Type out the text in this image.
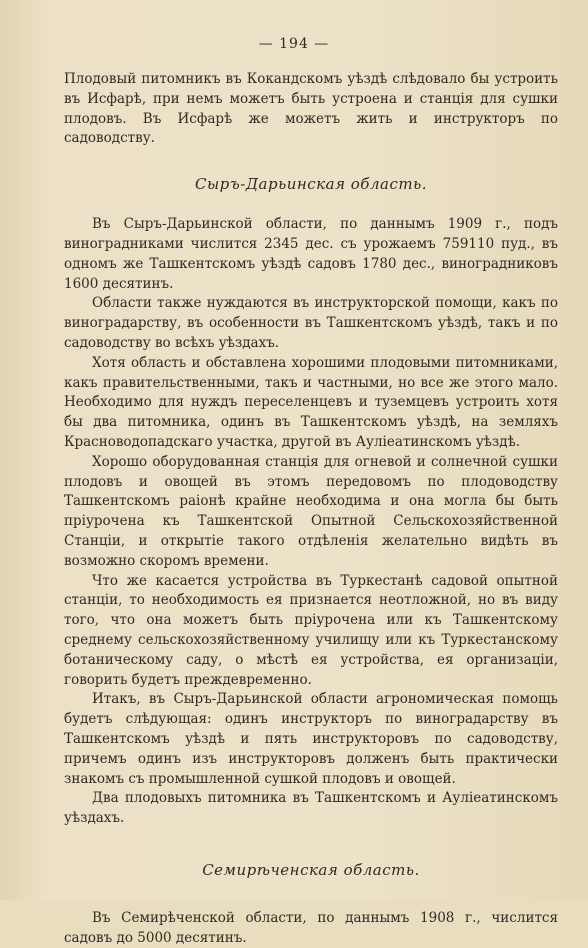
— 194 —

Плодовый питомникъ въ Кокандскомъ уѣздѣ слѣдовало бы устроить въ Исфарѣ, при немъ можетъ быть устроена и станція для сушки плодовъ. Въ Исфарѣ же можетъ жить и инструкторъ по садоводству.

Сыръ-Дарьинская область.

Въ Сыръ-Дарьинской области, по даннымъ 1909 г., подъ виноградниками числится 2345 дес. съ урожаемъ 759110 пуд., въ одномъ же Ташкентскомъ уѣздѣ садовъ 1780 дес., виноградниковъ 1600 десятинъ.

Области также нуждаются въ инструкторской помощи, какъ по виноградарству, въ особенности въ Ташкентскомъ уѣздѣ, такъ и по садоводству во всѣхъ уѣздахъ.

Хотя область и обставлена хорошими плодовыми питомниками, какъ правительственными, такъ и частными, но все же этого мало. Необходимо для нуждъ переселенцевъ и туземцевъ устроить хотя бы два питомника, одинъ въ Ташкентскомъ уѣздѣ, на земляхъ Красноводопадскаго участка, другой въ Ауліеатинскомъ уѣздѣ.

Хорошо оборудованная станція для огневой и солнечной сушки плодовъ и овощей въ этомъ передовомъ по плодоводству Ташкентскомъ раіонѣ крайне необходима и она могла бы быть пріурочена къ Ташкентской Опытной Сельскохозяйственной Станціи, и открытіе такого отдѣленія желательно видѣть въ возможно скоромъ времени.

Что же касается устройства въ Туркестанѣ садовой опытной станціи, то необходимость ея признается неотложной, но въ виду того, что она можетъ быть пріурочена или къ Ташкентскому среднему сельскохозяйственному училищу или къ Туркестанскому ботаническому саду, о мѣстѣ ея устройства, ея организаціи, говорить будетъ преждевременно.

Итакъ, въ Сыръ-Дарьинской области агрономическая помощь будетъ слѣдующая: одинъ инструкторъ по виноградарству въ Ташкентскомъ уѣздѣ и пять инструкторовъ по садоводству, причемъ одинъ изъ инструкторовъ долженъ быть практически знакомъ съ промышленной сушкой плодовъ и овощей.

Два плодовыхъ питомника въ Ташкентскомъ и Ауліеатинскомъ уѣздахъ.

Семирѣченская область.

Въ Семирѣченской области, по даннымъ 1908 г., числится садовъ до 5000 десятинъ.
